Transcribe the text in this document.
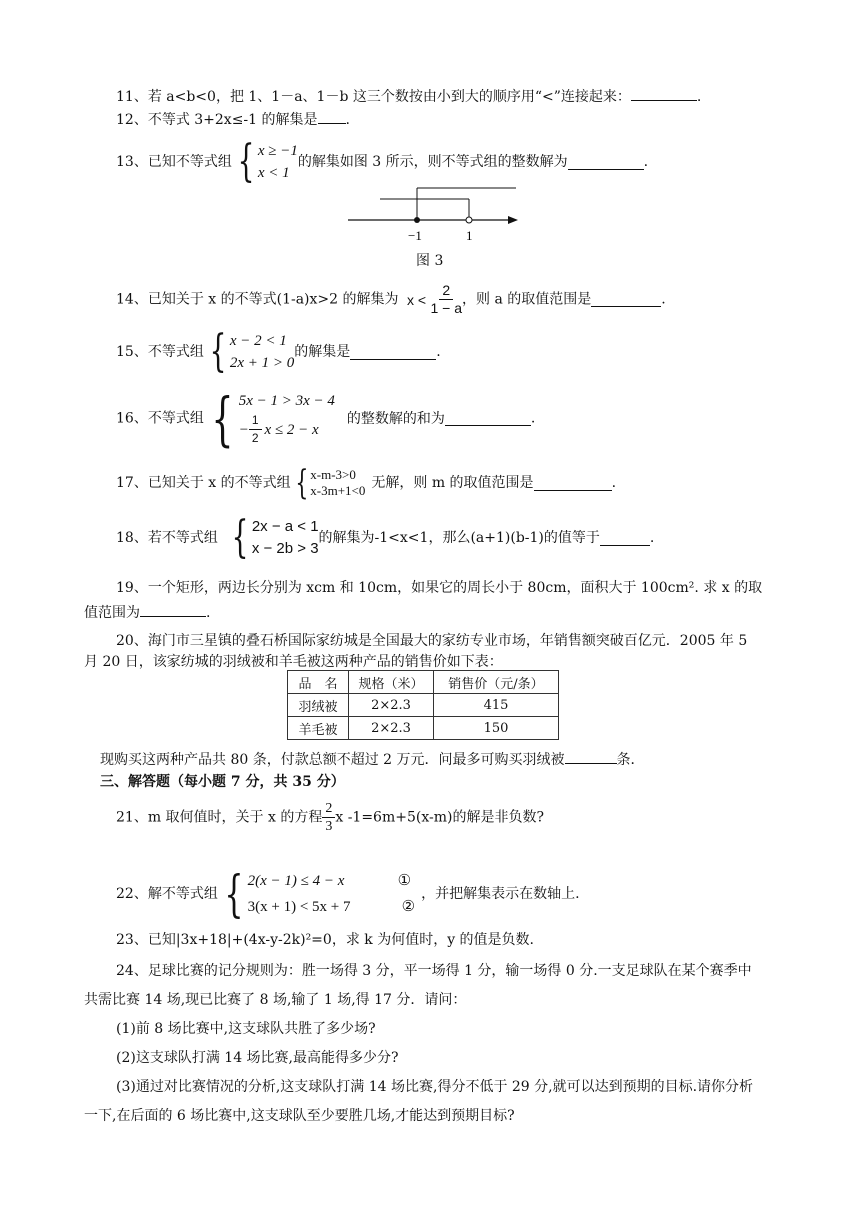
11、若 a<b<0，把 1、1－a、1－b 这三个数按由小到大的顺序用“<”连接起来：	.
12、不等式 3+2x≤-1 的解集是 .
13、已知不等式组 { x ≥ −1
x < 1
的解集如图 3 所示，则不等式组的整数解为	.
−1	1
图 3
14、已知关于 x 的不等式(1-a)x>2 的解集为 $x < \frac{2}{1 - a}$ ，则 a 的取值范围是	.
15、不等式组 { x − 2 < 1
2x + 1 > 0
的解集是	.
16、不等式组 { 5x − 1 > 3x − 4
− $\frac{1}{2}$ x ≤ 2 − x
的整数解的和为	.
17、已知关于 x 的不等式组 { x-m-3>0
x-3m+1<0 无解，则 m 的取值范围是	.
18、若不等式组 { 2x − a < 1
x − 2b > 3
的解集为-1<x<1，那么(a+1)(b-1)的值等于	.
19、一个矩形，两边长分别为 xcm 和 10cm，如果它的周长小于 80cm，面积大于 100cm². 求 x 的取
值范围为	.
20、海门市三星镇的叠石桥国际家纺城是全国最大的家纺专业市场，年销售额突破百亿元．2005 年 5
月 20 日，该家纺城的羽绒被和羊毛被这两种产品的销售价如下表：
品　名	规格（米）	销售价（元/条）
羽绒被	2×2.3	415
羊毛被	2×2.3	150
现购买这两种产品共 80 条，付款总额不超过 2 万元．问最多可购买羽绒被	条．
三、解答题（每小题 7 分，共 35 分）
21、m 取何值时，关于 x 的方程 $\frac{2}{3}$ x -1=6m+5(x-m)的解是非负数?
22、解不等式组 { 2(x − 1) ≤ 4 − x	①
3(x + 1) < 5x + 7	②
，并把解集表示在数轴上.
23、已知|3x+18|+(4x-y-2k)²=0，求 k 为何值时，y 的值是负数.
24、足球比赛的记分规则为：胜一场得 3 分，平一场得 1 分，输一场得 0 分.一支足球队在某个赛季中
共需比赛 14 场,现已比赛了 8 场,输了 1 场,得 17 分．请问：
(1)前 8 场比赛中,这支球队共胜了多少场?
(2)这支球队打满 14 场比赛,最高能得多少分?
(3)通过对比赛情况的分析,这支球队打满 14 场比赛,得分不低于 29 分,就可以达到预期的目标.请你分析
一下,在后面的 6 场比赛中,这支球队至少要胜几场,才能达到预期目标?
